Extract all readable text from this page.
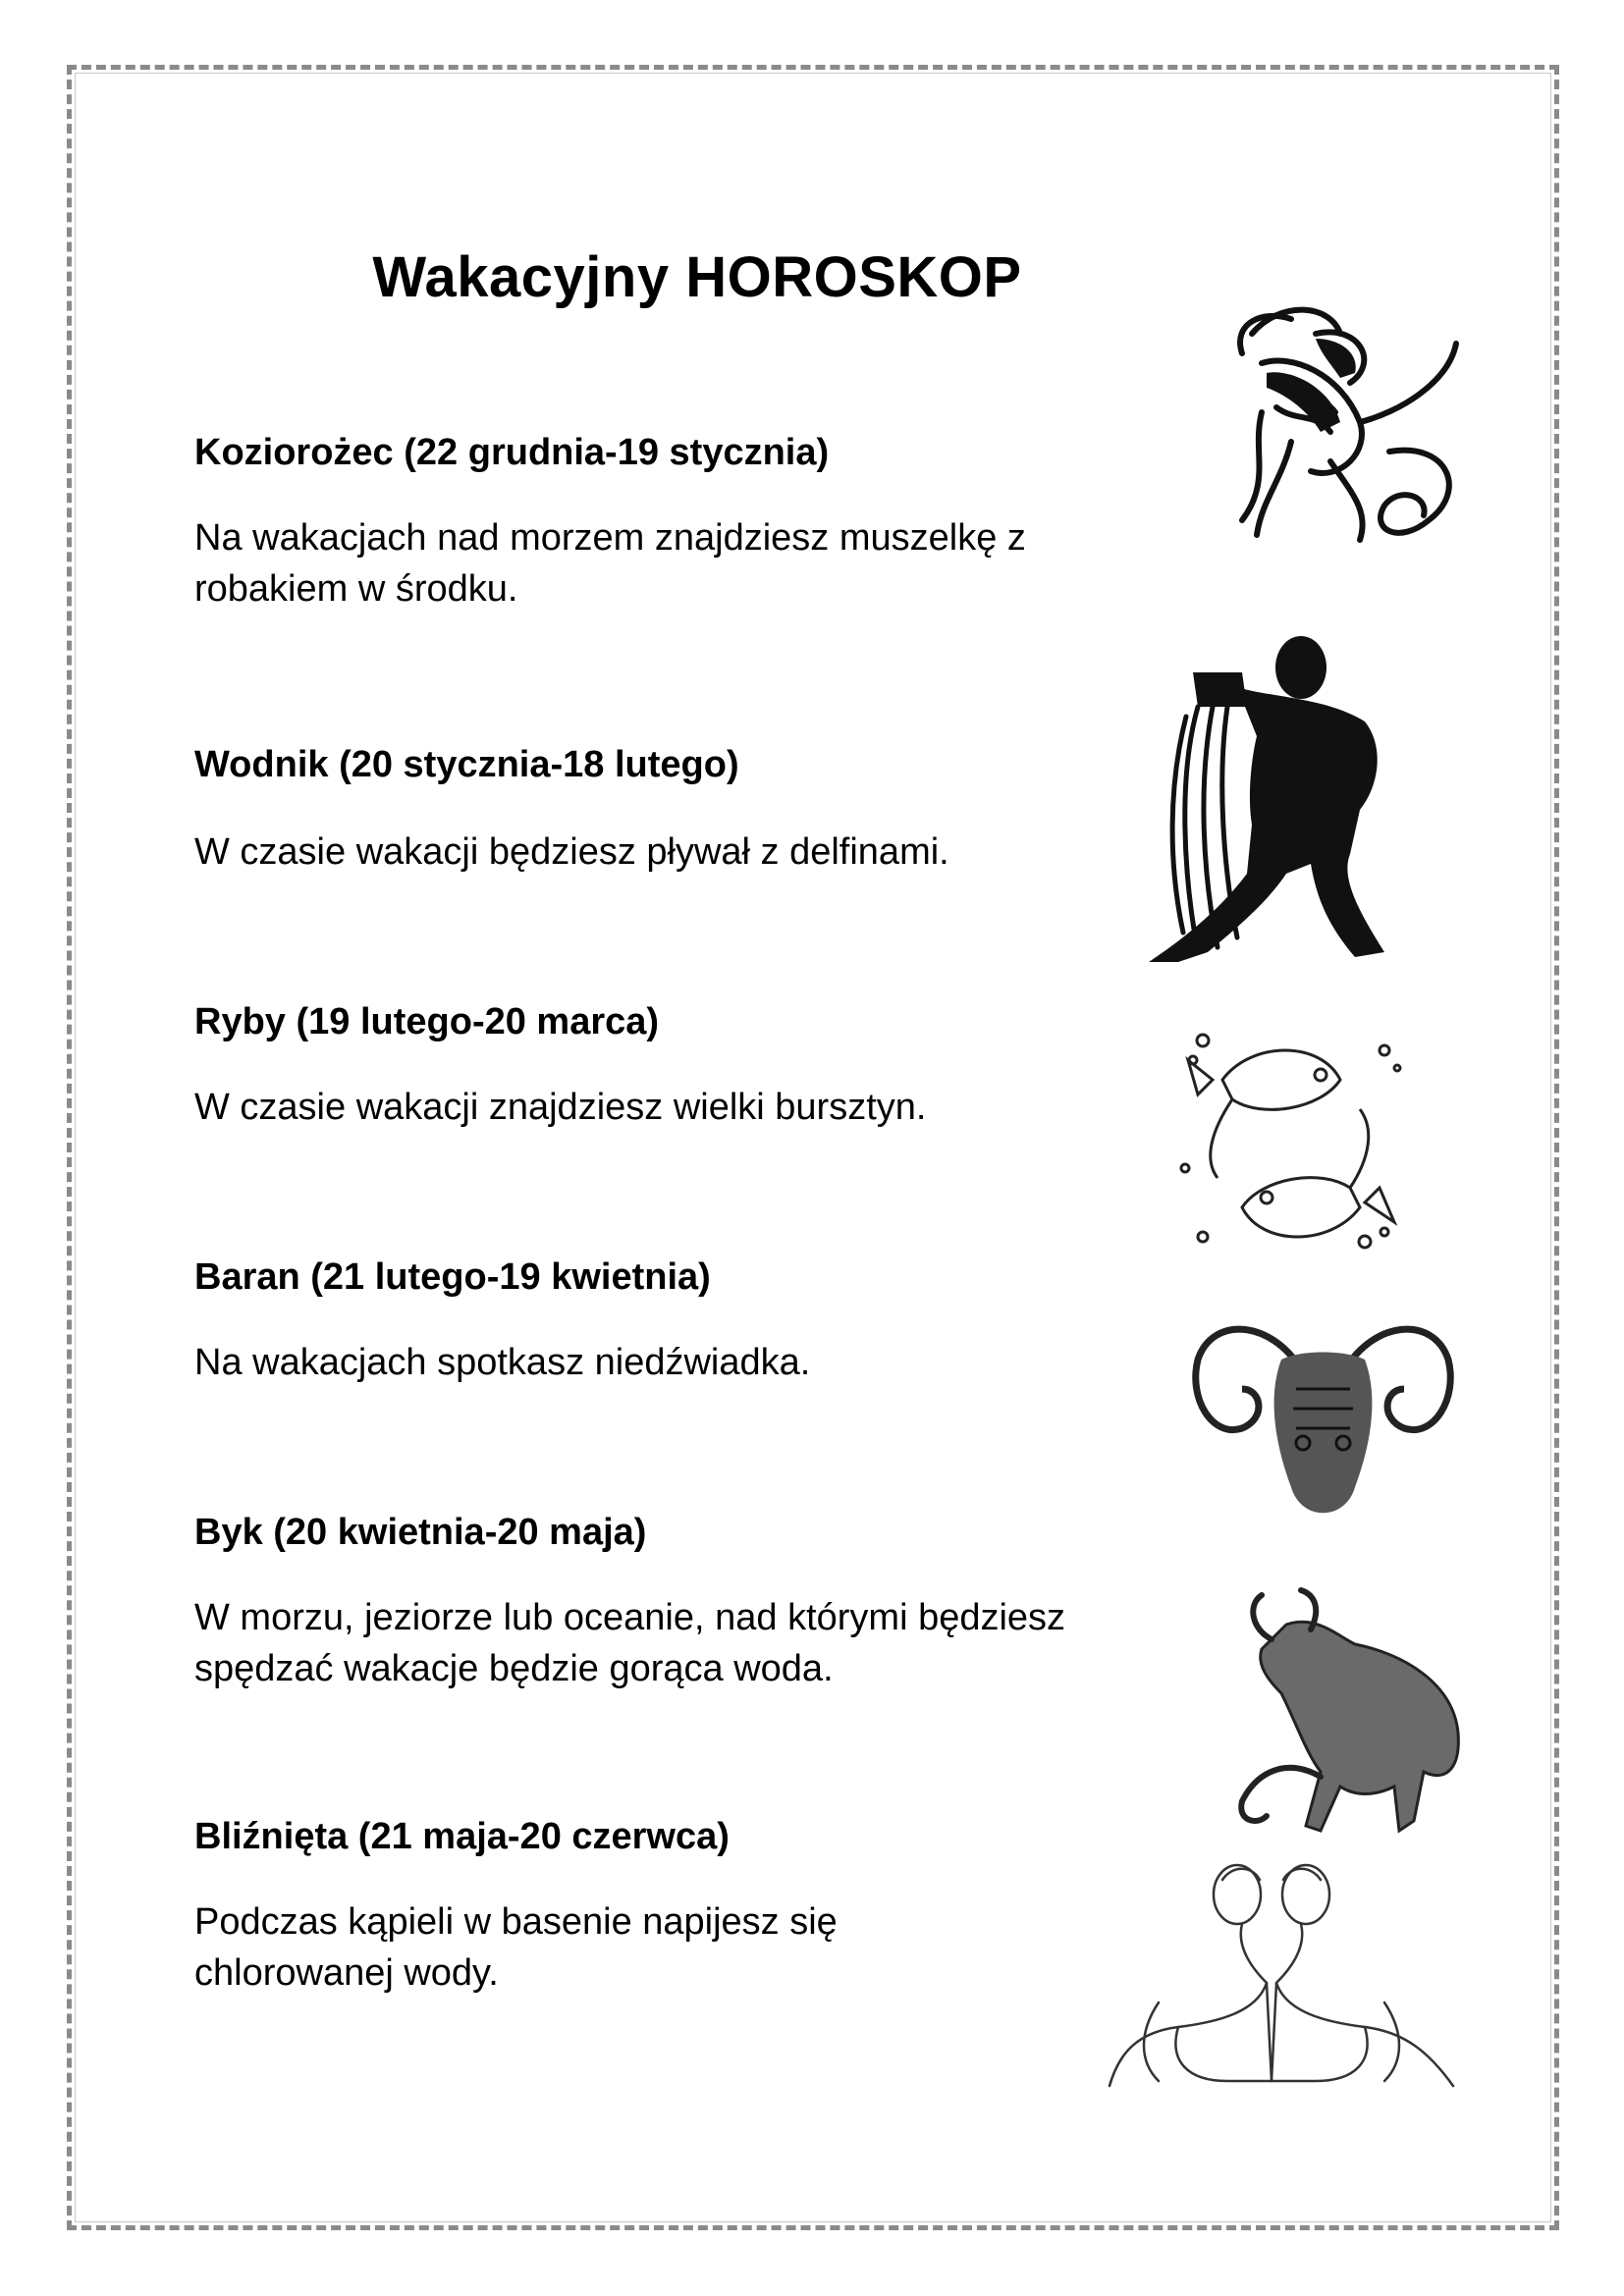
Wakacyjny HOROSKOP
Koziorożec (22 grudnia-19 stycznia)

Na wakacjach nad morzem znajdziesz muszelkę z
robakiem w środku.

Wodnik (20 stycznia-18 lutego)

W czasie wakacji będziesz pływał z delfinami.

Ryby (19 lutego-20 marca)

W czasie wakacji znajdziesz wielki bursztyn.

Baran (21 lutego-19 kwietnia)

Na wakacjach spotkasz niedźwiadka.

Byk (20 kwietnia-20 maja)

W morzu, jeziorze lub oceanie, nad którymi będziesz
spędzać wakacje będzie gorąca woda.

Bliźnięta (21 maja-20 czerwca)

Podczas kąpieli w basenie napijesz się
chlorowanej wody.
